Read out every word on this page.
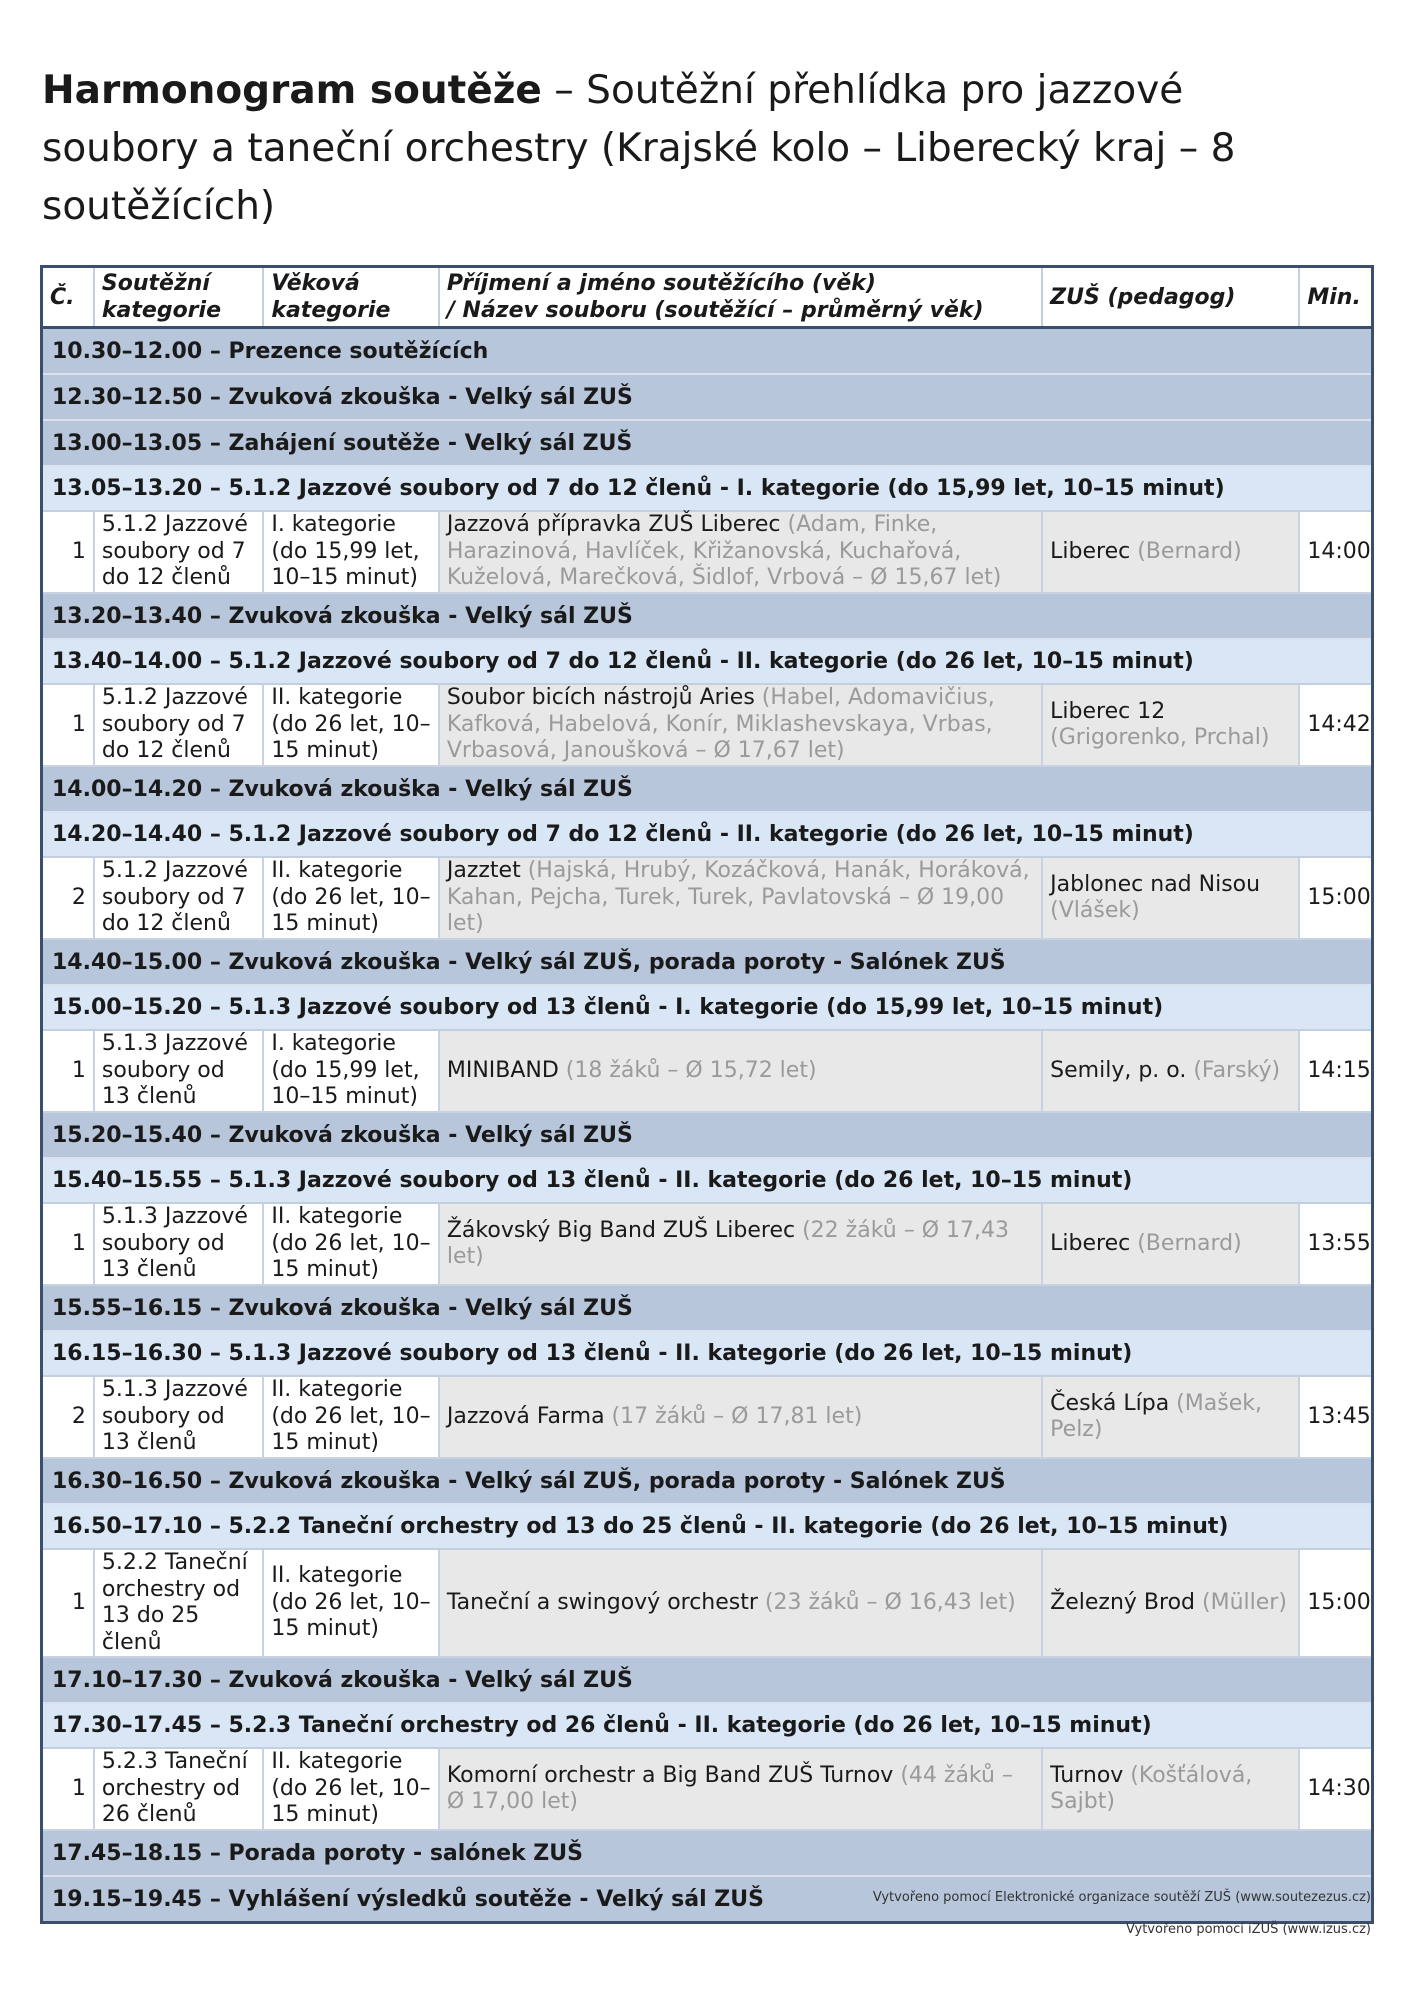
Harmonogram soutěže – Soutěžní přehlídka pro jazzové soubory a taneční orchestry (Krajské kolo – Liberecký kraj – 8 soutěžících)
Č.	Soutěžní kategorie	Věková kategorie	Příjmení a jméno soutěžícího (věk)
/ Název souboru (soutěžící – průměrný věk)	ZUŠ (pedagog)	Min.
10.30–12.00 – Prezence soutěžících					
12.30–12.50 – Zvuková zkouška - Velký sál ZUŠ					
13.00–13.05 – Zahájení soutěže - Velký sál ZUŠ					
13.05–13.20 – 5.1.2 Jazzové soubory od 7 do 12 členů - I. kategorie (do 15,99 let, 10–15 minut)					
1	5.1.2 Jazzové soubory od 7 do 12 členů	I. kategorie (do 15,99 let, 10–15 minut)	Jazzová přípravka ZUŠ Liberec (Adam, Finke, Harazinová, Havlíček, Křižanovská, Kuchařová, Kuželová, Marečková, Šidlof, Vrbová – Ø 15,67 let)	Liberec (Bernard)	14:00
13.20–13.40 – Zvuková zkouška - Velký sál ZUŠ					
13.40–14.00 – 5.1.2 Jazzové soubory od 7 do 12 členů - II. kategorie (do 26 let, 10–15 minut)					
1	5.1.2 Jazzové soubory od 7 do 12 členů	II. kategorie (do 26 let, 10–15 minut)	Soubor bicích nástrojů Aries (Habel, Adomavičius, Kafková, Habelová, Konír, Miklashevskaya, Vrbas, Vrbasová, Janoušková – Ø 17,67 let)	Liberec 12 (Grigorenko, Prchal)	14:42
14.00–14.20 – Zvuková zkouška - Velký sál ZUŠ					
14.20–14.40 – 5.1.2 Jazzové soubory od 7 do 12 členů - II. kategorie (do 26 let, 10–15 minut)					
2	5.1.2 Jazzové soubory od 7 do 12 členů	II. kategorie (do 26 let, 10–15 minut)	Jazztet (Hajská, Hrubý, Kozáčková, Hanák, Horáková, Kahan, Pejcha, Turek, Turek, Pavlatovská – Ø 19,00 let)	Jablonec nad Nisou (Vlášek)	15:00
14.40–15.00 – Zvuková zkouška - Velký sál ZUŠ, porada poroty - Salónek ZUŠ					
15.00–15.20 – 5.1.3 Jazzové soubory od 13 členů - I. kategorie (do 15,99 let, 10–15 minut)					
1	5.1.3 Jazzové soubory od 13 členů	I. kategorie (do 15,99 let, 10–15 minut)	MINIBAND (18 žáků – Ø 15,72 let)	Semily, p. o. (Farský)	14:15
15.20–15.40 – Zvuková zkouška - Velký sál ZUŠ					
15.40–15.55 – 5.1.3 Jazzové soubory od 13 členů - II. kategorie (do 26 let, 10–15 minut)					
1	5.1.3 Jazzové soubory od 13 členů	II. kategorie (do 26 let, 10–15 minut)	Žákovský Big Band ZUŠ Liberec (22 žáků – Ø 17,43 let)	Liberec (Bernard)	13:55
15.55–16.15 – Zvuková zkouška - Velký sál ZUŠ					
16.15–16.30 – 5.1.3 Jazzové soubory od 13 členů - II. kategorie (do 26 let, 10–15 minut)					
2	5.1.3 Jazzové soubory od 13 členů	II. kategorie (do 26 let, 10–15 minut)	Jazzová Farma (17 žáků – Ø 17,81 let)	Česká Lípa (Mašek, Pelz)	13:45
16.30–16.50 – Zvuková zkouška - Velký sál ZUŠ, porada poroty - Salónek ZUŠ					
16.50–17.10 – 5.2.2 Taneční orchestry od 13 do 25 členů - II. kategorie (do 26 let, 10–15 minut)					
1	5.2.2 Taneční orchestry od 13 do 25 členů	II. kategorie (do 26 let, 10–15 minut)	Taneční a swingový orchestr (23 žáků – Ø 16,43 let)	Železný Brod (Müller)	15:00
17.10–17.30 – Zvuková zkouška - Velký sál ZUŠ					
17.30–17.45 – 5.2.3 Taneční orchestry od 26 členů - II. kategorie (do 26 let, 10–15 minut)					
1	5.2.3 Taneční orchestry od 26 členů	II. kategorie (do 26 let, 10–15 minut)	Komorní orchestr a Big Band ZUŠ Turnov (44 žáků – Ø 17,00 let)	Turnov (Košťálová, Sajbt)	14:30
17.45–18.15 – Porada poroty - salónek ZUŠ					
19.15–19.45 – Vyhlášení výsledků soutěže - Velký sál ZUŠ						Vytvořeno pomocí Elektronické organizace soutěží ZUŠ (www.soutezezus.cz)
Vytvořeno pomocí iZUŠ (www.izus.cz)
